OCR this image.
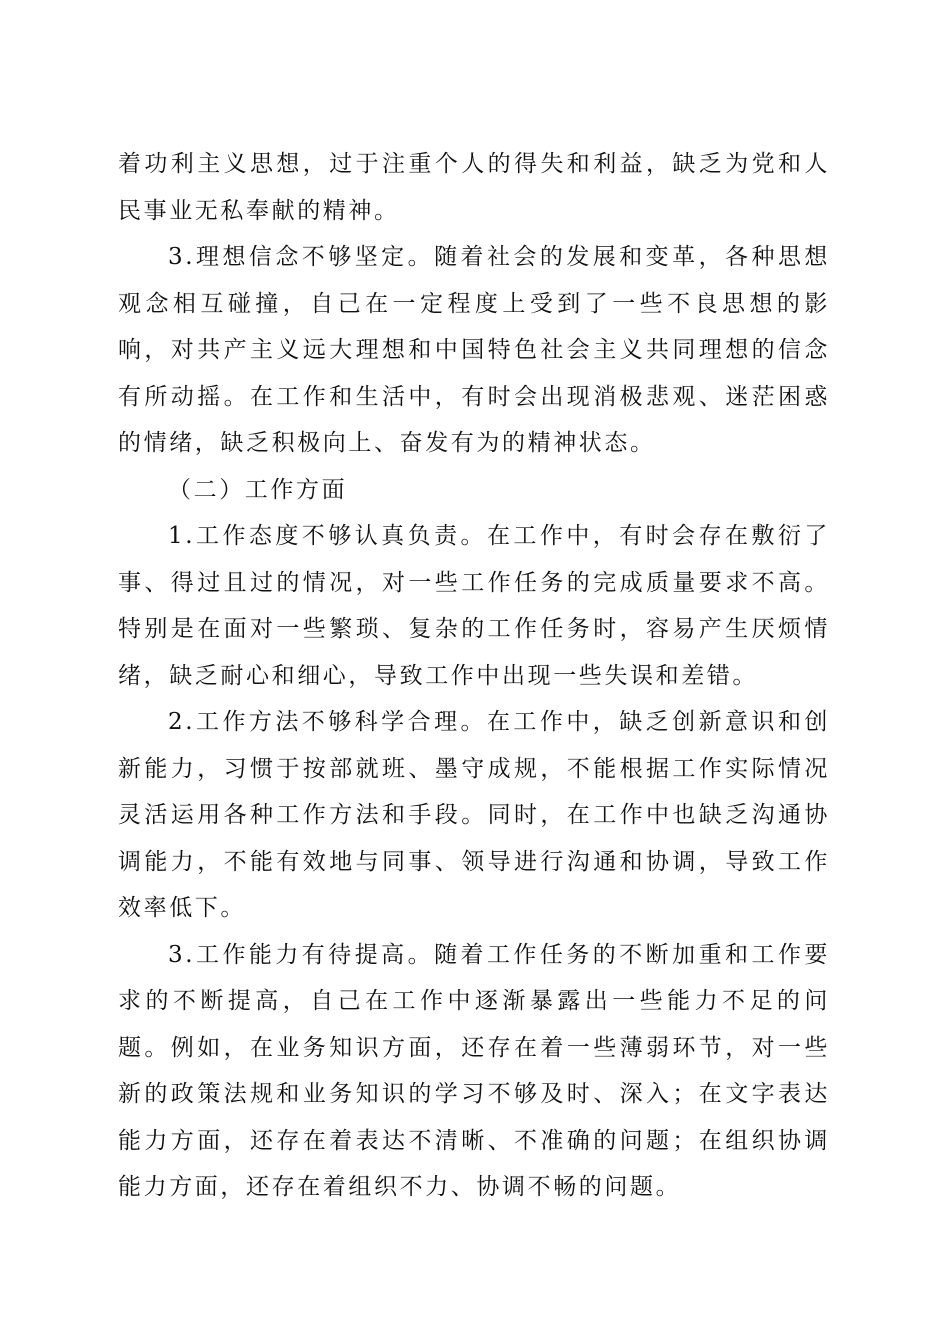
着功利主义思想，过于注重个人的得失和利益，缺乏为党和人民事业无私奉献的精神。

3.理想信念不够坚定。随着社会的发展和变革，各种思想观念相互碰撞，自己在一定程度上受到了一些不良思想的影响，对共产主义远大理想和中国特色社会主义共同理想的信念有所动摇。在工作和生活中，有时会出现消极悲观、迷茫困惑的情绪，缺乏积极向上、奋发有为的精神状态。

（二）工作方面

1.工作态度不够认真负责。在工作中，有时会存在敷衍了事、得过且过的情况，对一些工作任务的完成质量要求不高。特别是在面对一些繁琐、复杂的工作任务时，容易产生厌烦情绪，缺乏耐心和细心，导致工作中出现一些失误和差错。

2.工作方法不够科学合理。在工作中，缺乏创新意识和创新能力，习惯于按部就班、墨守成规，不能根据工作实际情况灵活运用各种工作方法和手段。同时，在工作中也缺乏沟通协调能力，不能有效地与同事、领导进行沟通和协调，导致工作效率低下。

3.工作能力有待提高。随着工作任务的不断加重和工作要求的不断提高，自己在工作中逐渐暴露出一些能力不足的问题。例如，在业务知识方面，还存在着一些薄弱环节，对一些新的政策法规和业务知识的学习不够及时、深入；在文字表达能力方面，还存在着表达不清晰、不准确的问题；在组织协调能力方面，还存在着组织不力、协调不畅的问题。
